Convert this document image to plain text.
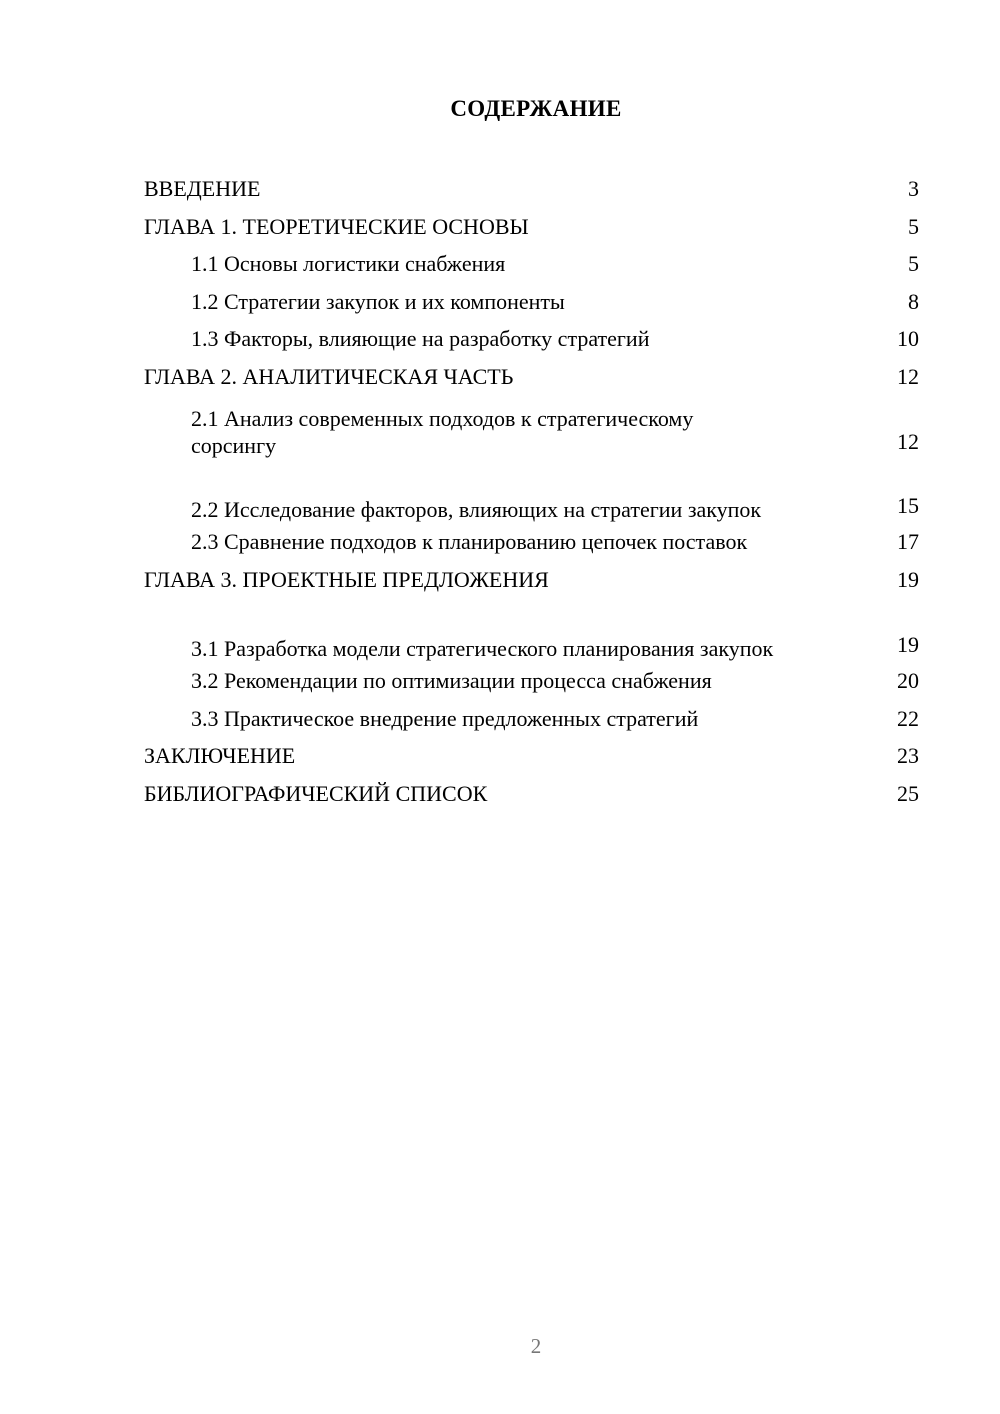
СОДЕРЖАНИЕ
ВВЕДЕНИЕ	3
ГЛАВА 1. ТЕОРЕТИЧЕСКИЕ ОСНОВЫ	5
1.1 Основы логистики снабжения	5
1.2 Стратегии закупок и их компоненты	8
1.3 Факторы, влияющие на разработку стратегий	10
ГЛАВА 2. АНАЛИТИЧЕСКАЯ ЧАСТЬ	12
2.1 Анализ современных подходов к стратегическому сорсингу	12
2.2 Исследование факторов, влияющих на стратегии закупок	15
2.3 Сравнение подходов к планированию цепочек поставок	17
ГЛАВА 3. ПРОЕКТНЫЕ ПРЕДЛОЖЕНИЯ	19
3.1 Разработка модели стратегического планирования закупок	19
3.2 Рекомендации по оптимизации процесса снабжения	20
3.3 Практическое внедрение предложенных стратегий	22
ЗАКЛЮЧЕНИЕ	23
БИБЛИОГРАФИЧЕСКИЙ СПИСОК	25
2
